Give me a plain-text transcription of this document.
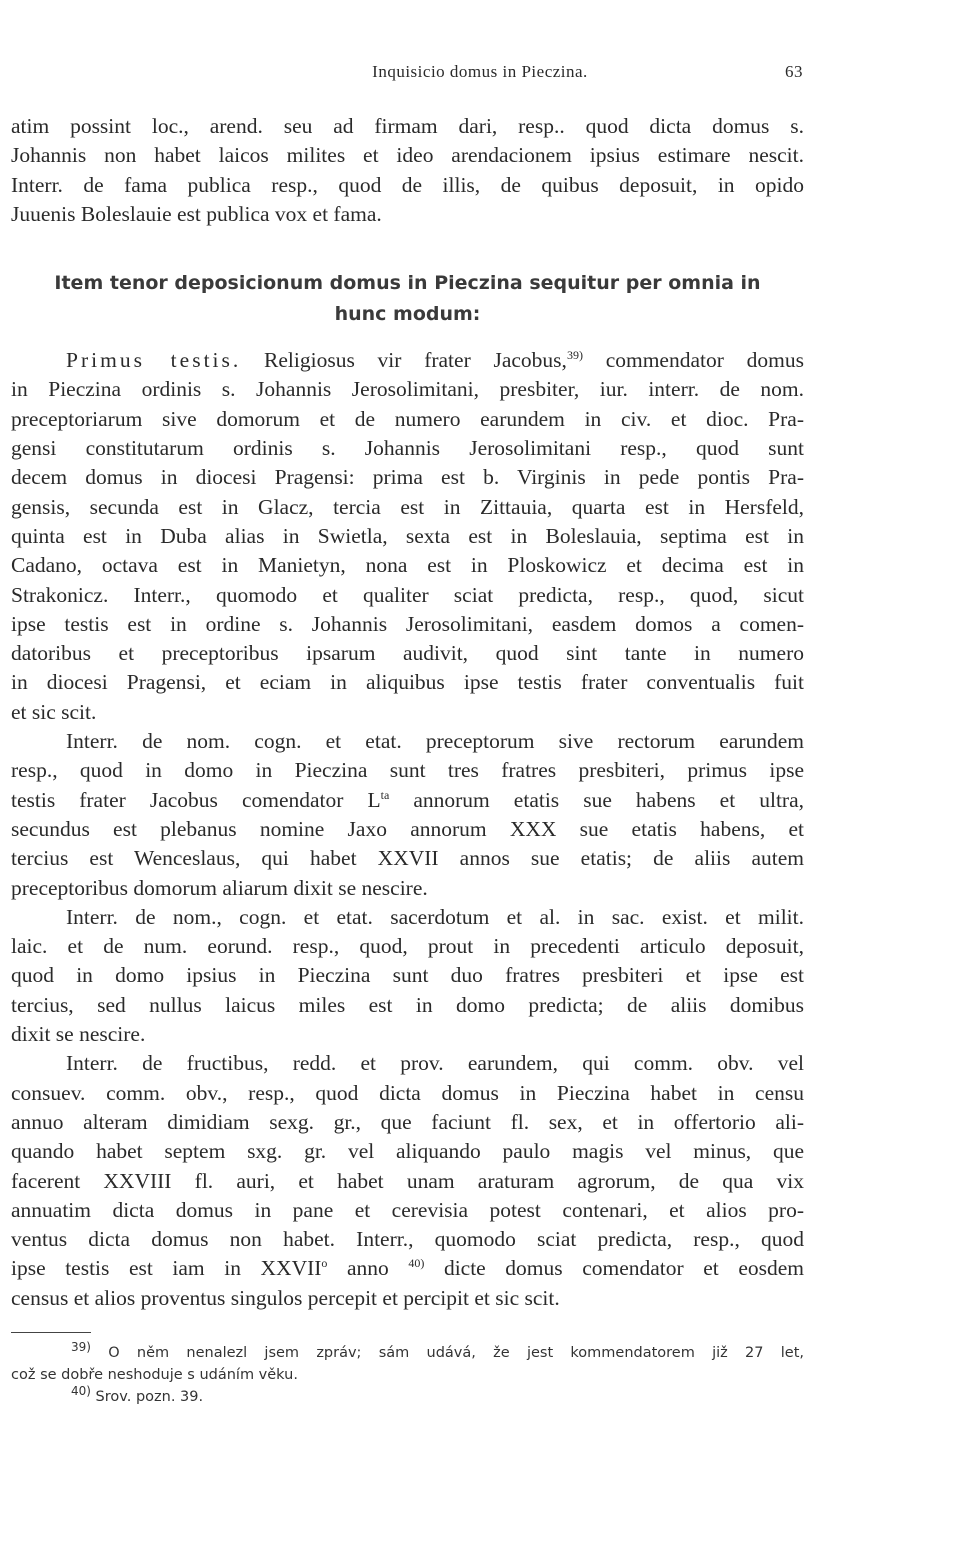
Inquisicio domus in Pieczina.	63
atim possint loc., arend. seu ad firmam dari, resp.. quod dicta domus s.
Johannis non habet laicos milites et ideo arendacionem ipsius estimare nescit.
Interr. de fama publica resp., quod de illis, de quibus deposuit, in opido
Juuenis Boleslauie est publica vox et fama.
Item tenor deposicionum domus in Pieczina sequitur per omnia in
hunc modum:
Primus testis. Religiosus vir frater Jacobus,$^{39)}$ commendator domus
in Pieczina ordinis s. Johannis Jerosolimitani, presbiter, iur. interr. de nom.
preceptoriarum sive domorum et de numero earundem in civ. et dioc. Pra-
gensi constitutarum ordinis s. Johannis Jerosolimitani resp., quod sunt
decem domus in diocesi Pragensi: prima est b. Virginis in pede pontis Pra-
gensis, secunda est in Glacz, tercia est in Zittauia, quarta est in Hersfeld,
quinta est in Duba alias in Swietla, sexta est in Boleslauia, septima est in
Cadano, octava est in Manietyn, nona est in Ploskowicz et decima est in
Strakonicz. Interr., quomodo et qualiter sciat predicta, resp., quod, sicut
ipse testis est in ordine s. Johannis Jerosolimitani, easdem domos a comen-
datoribus et preceptoribus ipsarum audivit, quod sint tante in numero
in diocesi Pragensi, et eciam in aliquibus ipse testis frater conventualis fuit
et sic scit.
Interr. de nom. cogn. et etat. preceptorum sive rectorum earundem
resp., quod in domo in Pieczina sunt tres fratres presbiteri, primus ipse
testis frater Jacobus comendator $L^{ta}$ annorum etatis sue habens et ultra,
secundus est plebanus nomine Jaxo annorum XXX sue etatis habens, et
tercius est Wenceslaus, qui habet XXVII annos sue etatis; de aliis autem
preceptoribus domorum aliarum dixit se nescire.
Interr. de nom., cogn. et etat. sacerdotum et al. in sac. exist. et milit.
laic. et de num. eorund. resp., quod, prout in precedenti articulo deposuit,
quod in domo ipsius in Pieczina sunt duo fratres presbiteri et ipse est
tercius, sed nullus laicus miles est in domo predicta; de aliis domibus
dixit se nescire.
Interr. de fructibus, redd. et prov. earundem, qui comm. obv. vel
consuev. comm. obv., resp., quod dicta domus in Pieczina habet in censu
annuo alteram dimidiam sexg. gr., que faciunt fl. sex, et in offertorio ali-
quando habet septem sxg. gr. vel aliquando paulo magis vel minus, que
facerent XXVIII fl. auri, et habet unam araturam agrorum, de qua vix
annuatim dicta domus in pane et cerevisia potest contenari, et alios pro-
ventus dicta domus non habet. Interr., quomodo sciat predicta, resp., quod
ipse testis est iam in XXVII$^o$ anno $^{40)}$ dicte domus comendator et eosdem
census et alios proventus singulos percepit et percipit et sic scit.
$^{39)}$ O něm nenalezl jsem zpráv; sám udává, že jest kommendatorem již 27 let,
což se dobře neshoduje s udáním věku.
$^{40)}$ Srov. pozn. 39.
